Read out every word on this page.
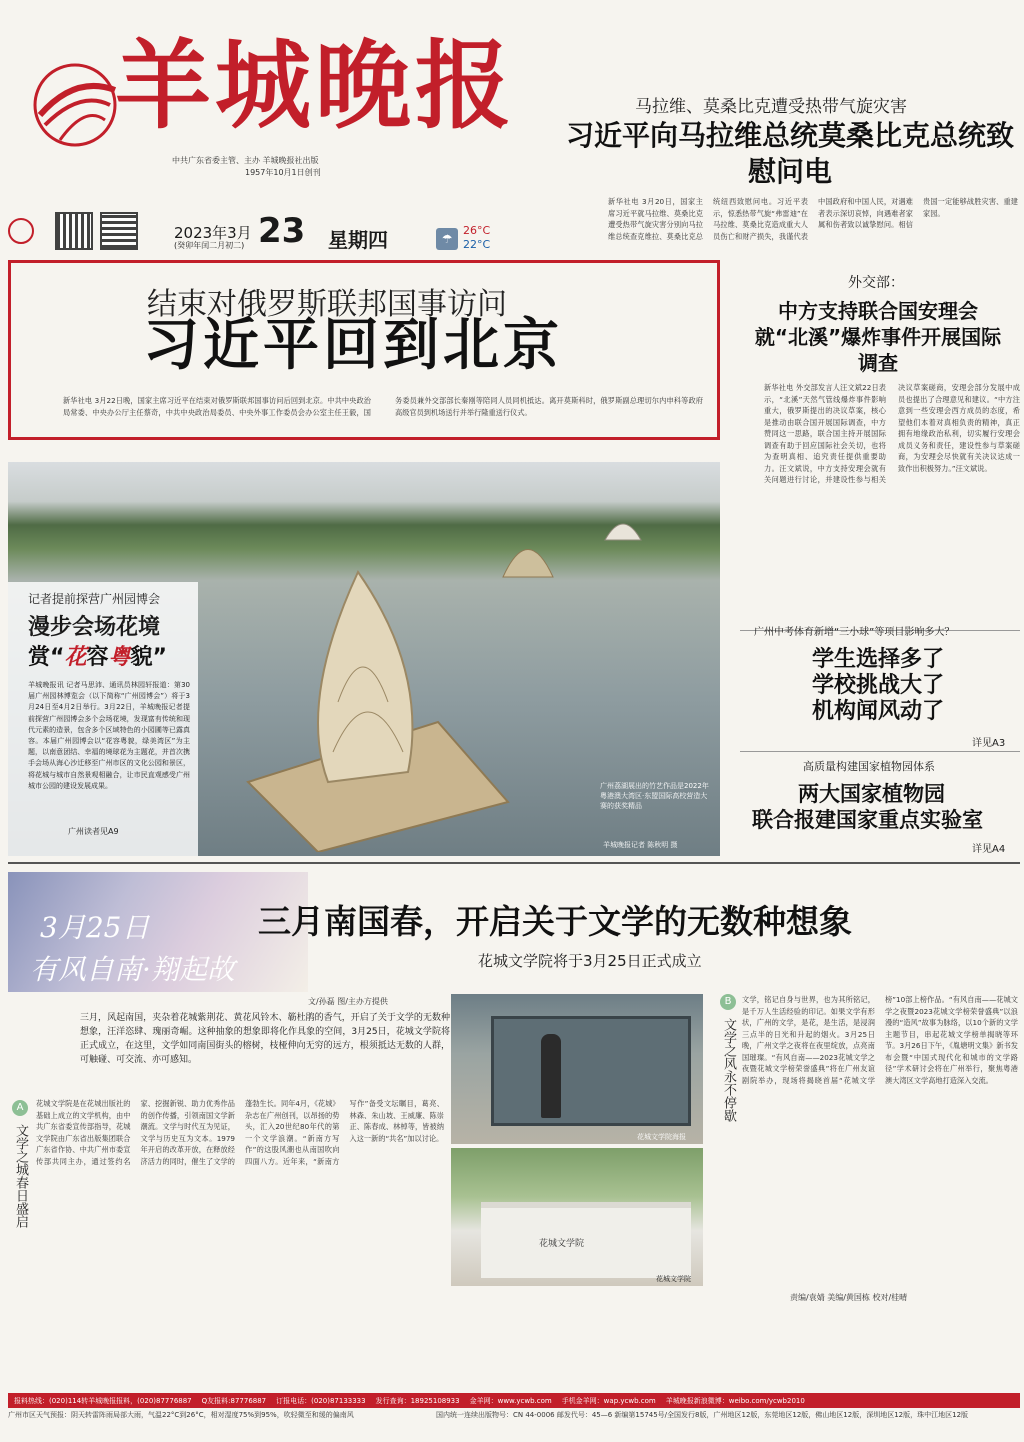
羊城晚报
中共广东省委主管、主办 羊城晚报社出版
1957年10月1日创刊
2023年3月
(癸卯年闰二月初二) 23 星期四	☂
26°C
22°C
马拉维、莫桑比克遭受热带气旋灾害
习近平向马拉维总统莫桑比克总统致慰问电
新华社电 3月20日，国家主席习近平就马拉维、莫桑比克遭受热带气旋灾害分别向马拉维总统查克维拉、莫桑比克总统纽西致慰问电。习近平表示，惊悉热带气旋“弗雷迪”在马拉维、莫桑比克造成重大人员伤亡和财产损失，我谨代表中国政府和中国人民，对遇难者表示深切哀悼，向遇难者家属和伤者致以诚挚慰问。相信贵国一定能够战胜灾害、重建家园。
结束对俄罗斯联邦国事访问
习近平回到北京
新华社电 3月22日晚，国家主席习近平在结束对俄罗斯联邦国事访问后回到北京。中共中央政治局常委、中央办公厅主任蔡奇，中共中央政治局委员、中央外事工作委员会办公室主任王毅，国务委员兼外交部部长秦刚等陪同人员同机抵达。离开莫斯科时，俄罗斯副总理切尔内申科等政府高级官员到机场送行并举行隆重送行仪式。
外交部：
中方支持联合国安理会就“北溪”爆炸事件开展国际调查
新华社电 外交部发言人汪文斌22日表示，“北溪”天然气管线爆炸事件影响重大，俄罗斯提出的决议草案，核心是推动由联合国开展国际调查，中方赞同这一思路，联合国主持开展国际调查有助于回应国际社会关切，也将为查明真相、追究责任提供重要助力。汪文斌说，中方支持安理会就有关问题进行讨论，并建设性参与相关决议草案磋商，安理会部分发展中成员也提出了合理意见和建议。“中方注意到一些安理会西方成员的态度，希望他们本着对真相负责的精神，真正拥有地缘政治私利，切实履行安理会成员义务和责任，建设性参与草案磋商，为安理会尽快就有关决议达成一致作出积极努力。”汪文斌说。
记者提前探营广州园博会
漫步会场花境
赏“花容粤貌”
羊城晚报讯 记者马思沛、通讯员林园轩报道：第30届广州园林博览会（以下简称“广州园博会”）将于3月24日至4月2日举行。3月22日，羊城晚报记者提前探营广州园博会多个会场花境，发现富有传统和现代元素的造景，包含多个区域特色的小园圃等已露真容。本届广州园博会以“花容粤貌，绿美湾区”为主题，以南意团结、幸福的境球花为主题花，并首次携手会场从海心沙迁移至广州市区的文化公园和景区，将花城与城市自然景观相融合，让市民直观感受广州城市公园的建设发展成果。
广州读者见A9
广州荔湖展出的竹艺作品是2022年粤港澳大湾区·东盟国际高校营造大赛的获奖精品
羊城晚报记者 陈秋明 摄
广州中考体育新增“三小球”等项目影响多大？
学生选择多了
学校挑战大了
机构闻风动了
详见A3
高质量构建国家植物园体系
两大国家植物园
联合报建国家重点实验室
详见A4
3月25日
有风自南·翔起故
三月南国春，开启关于文学的无数种想象
花城文学院将于3月25日正式成立
文/孙磊 图/主办方提供
三月，风起南国，夹杂着花城紫荆花、黄花风铃木、簕杜鹃的香气，开启了关于文学的无数种想象，汪洋恣肆、瑰丽奇崛。这种抽象的想象即将化作具象的空间，3月25日，花城文学院将正式成立，在这里，文学如同南国街头的榕树，枝桠伸向无穷的远方，根须抵达无数的人群，可触碰、可交流、亦可感知。
A
文学之城春日盛启
花城文学院是在花城出版社的基础上成立的文学机构，由中共广东省委宣传部指导，花城文学院由广东省出版集团联合广东省作协、中共广州市委宣传部共同主办，通过签约名家、挖掘新锐、助力优秀作品的创作传播，引领南国文学新潮流。文学与时代互为见证，文学与历史互为文本。1979年开启的改革开放，在释放经济活力的同时，催生了文学的蓬勃生长。同年4月，《花城》杂志在广州创刊，以昂扬的势头，汇入20世纪80年代的第一个文学浪潮。“新南方写作”的这股风潮也从南国吹向四面八方。近年来，“新南方写作”备受文坛瞩目，葛亮、林森、朱山坡、王威廉、陈崇正、陈春成、林棹等，皆被纳入这一新的“共名”加以讨论。	花城文学院海报
花城文学院
花城文学院
B
文学之风永不停歇
文学，铭记自身与世界，也为其所铭记，是千万人生活经验的印记。如果文学有形状，广州的文学，是花，是生活，是浸润三点半的日光和升起的烟火。3月25日晚，广州文学之夜将在夜里绽放，点亮南国璀璨。“有风自南——2023花城文学之夜暨花城文学榜荣誉盛典”将在广州友谊剧院举办，现场将揭晓首届“花城文学榜”10部上榜作品。“有风自南——花城文学之夜暨2023花城文学榜荣誉盛典”以浪漫的“造风”故事为脉络，以10个新的文学主题节目，串起花城文学榜单揭晓等环节。3月26日下午，《胤塘明文集》新书发布会暨“中国式现代化和城市的文学路径”学术研讨会将在广州举行，聚焦粤港澳大湾区文学高地打造深入交流。
责编/袁婧 美编/黄国栋 校对/桂晴
报料热线：(020)114转羊城晚报报料，(020)87776887 Q友报料:87776887 订报电话：(020)87133333 发行查询：18925108933 金羊网：www.ycwb.com 手机金羊网：wap.ycwb.com 羊城晚报新浪微博：weibo.com/ycwb2010
广州市区天气预报：阴天转雷阵雨局部大雨，气温22°C到26°C，相对湿度75%到95%，吹轻微至和缓的偏南风	国内统一连续出版物号：CN 44-0006 邮发代号：45—6 新编第15745号/全国发行8版，广州地区12版，东莞地区12版，佛山地区12版，深圳地区12版，珠中江地区12版
